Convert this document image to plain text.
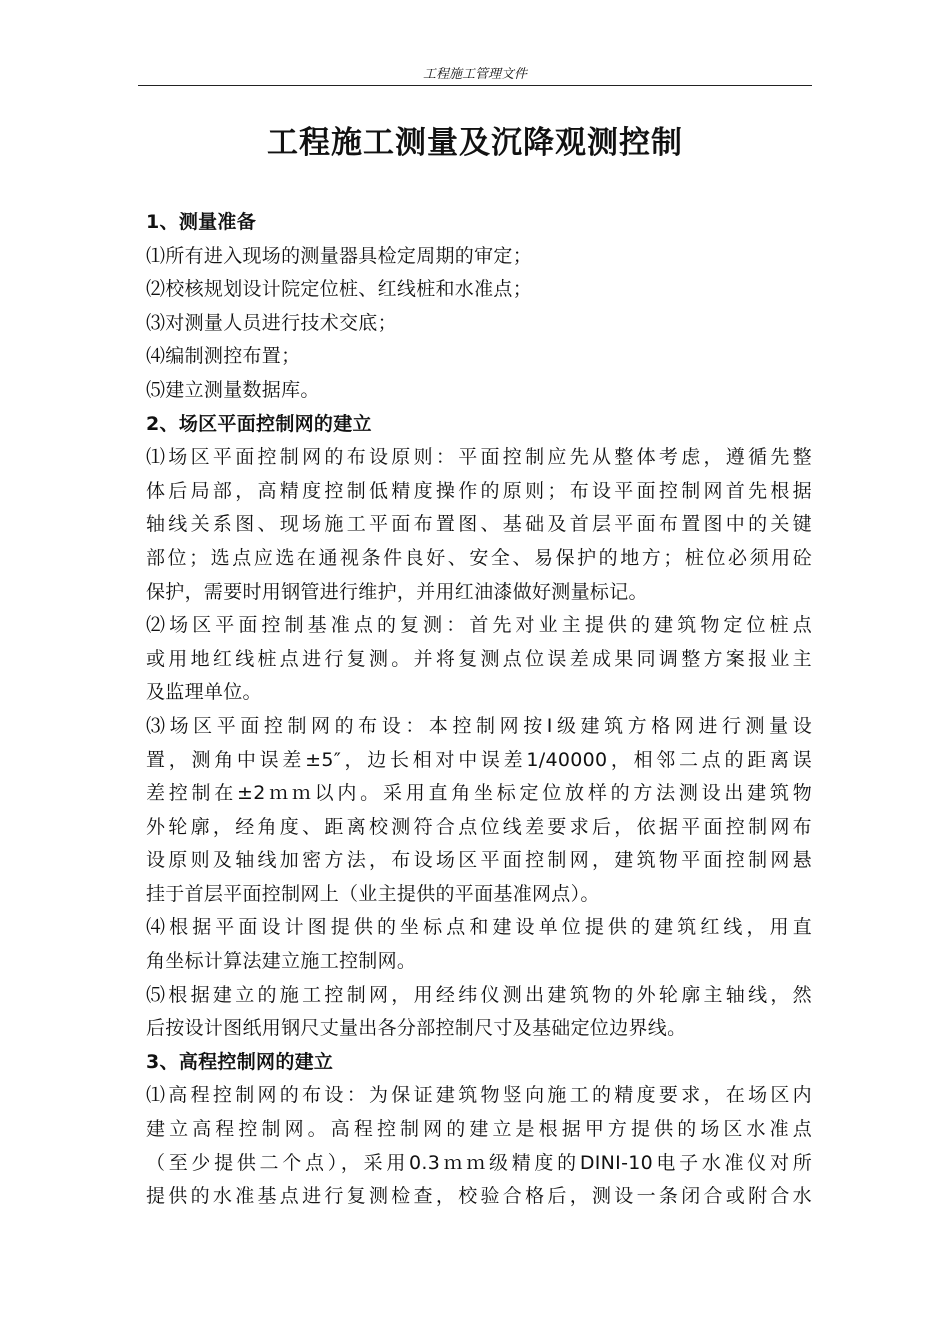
工程施工管理文件
工程施工测量及沉降观测控制
1、测量准备
⑴所有进入现场的测量器具检定周期的审定；
⑵校核规划设计院定位桩、红线桩和水准点；
⑶对测量人员进行技术交底；
⑷编制测控布置；
⑸建立测量数据库。
2、场区平面控制网的建立
⑴场区平面控制网的布设原则：平面控制应先从整体考虑，遵循先整
体后局部，高精度控制低精度操作的原则；布设平面控制网首先根据
轴线关系图、现场施工平面布置图、基础及首层平面布置图中的关键
部位；选点应选在通视条件良好、安全、易保护的地方；桩位必须用砼
保护，需要时用钢管进行维护，并用红油漆做好测量标记。
⑵场区平面控制基准点的复测：首先对业主提供的建筑物定位桩点
或用地红线桩点进行复测。并将复测点位误差成果同调整方案报业主
及监理单位。
⑶场区平面控制网的布设：本控制网按Ⅰ级建筑方格网进行测量设
置，测角中误差±5″，边长相对中误差1/40000，相邻二点的距离误
差控制在±2ｍｍ以内。采用直角坐标定位放样的方法测设出建筑物
外轮廓，经角度、距离校测符合点位线差要求后，依据平面控制网布
设原则及轴线加密方法，布设场区平面控制网，建筑物平面控制网悬
挂于首层平面控制网上（业主提供的平面基准网点）。
⑷根据平面设计图提供的坐标点和建设单位提供的建筑红线，用直
角坐标计算法建立施工控制网。
⑸根据建立的施工控制网，用经纬仪测出建筑物的外轮廓主轴线，然
后按设计图纸用钢尺丈量出各分部控制尺寸及基础定位边界线。
3、高程控制网的建立
⑴高程控制网的布设：为保证建筑物竖向施工的精度要求，在场区内
建立高程控制网。高程控制网的建立是根据甲方提供的场区水准点
（至少提供二个点），采用0.3ｍｍ级精度的DINI-10电子水准仪对所
提供的水准基点进行复测检查，校验合格后，测设一条闭合或附合水
